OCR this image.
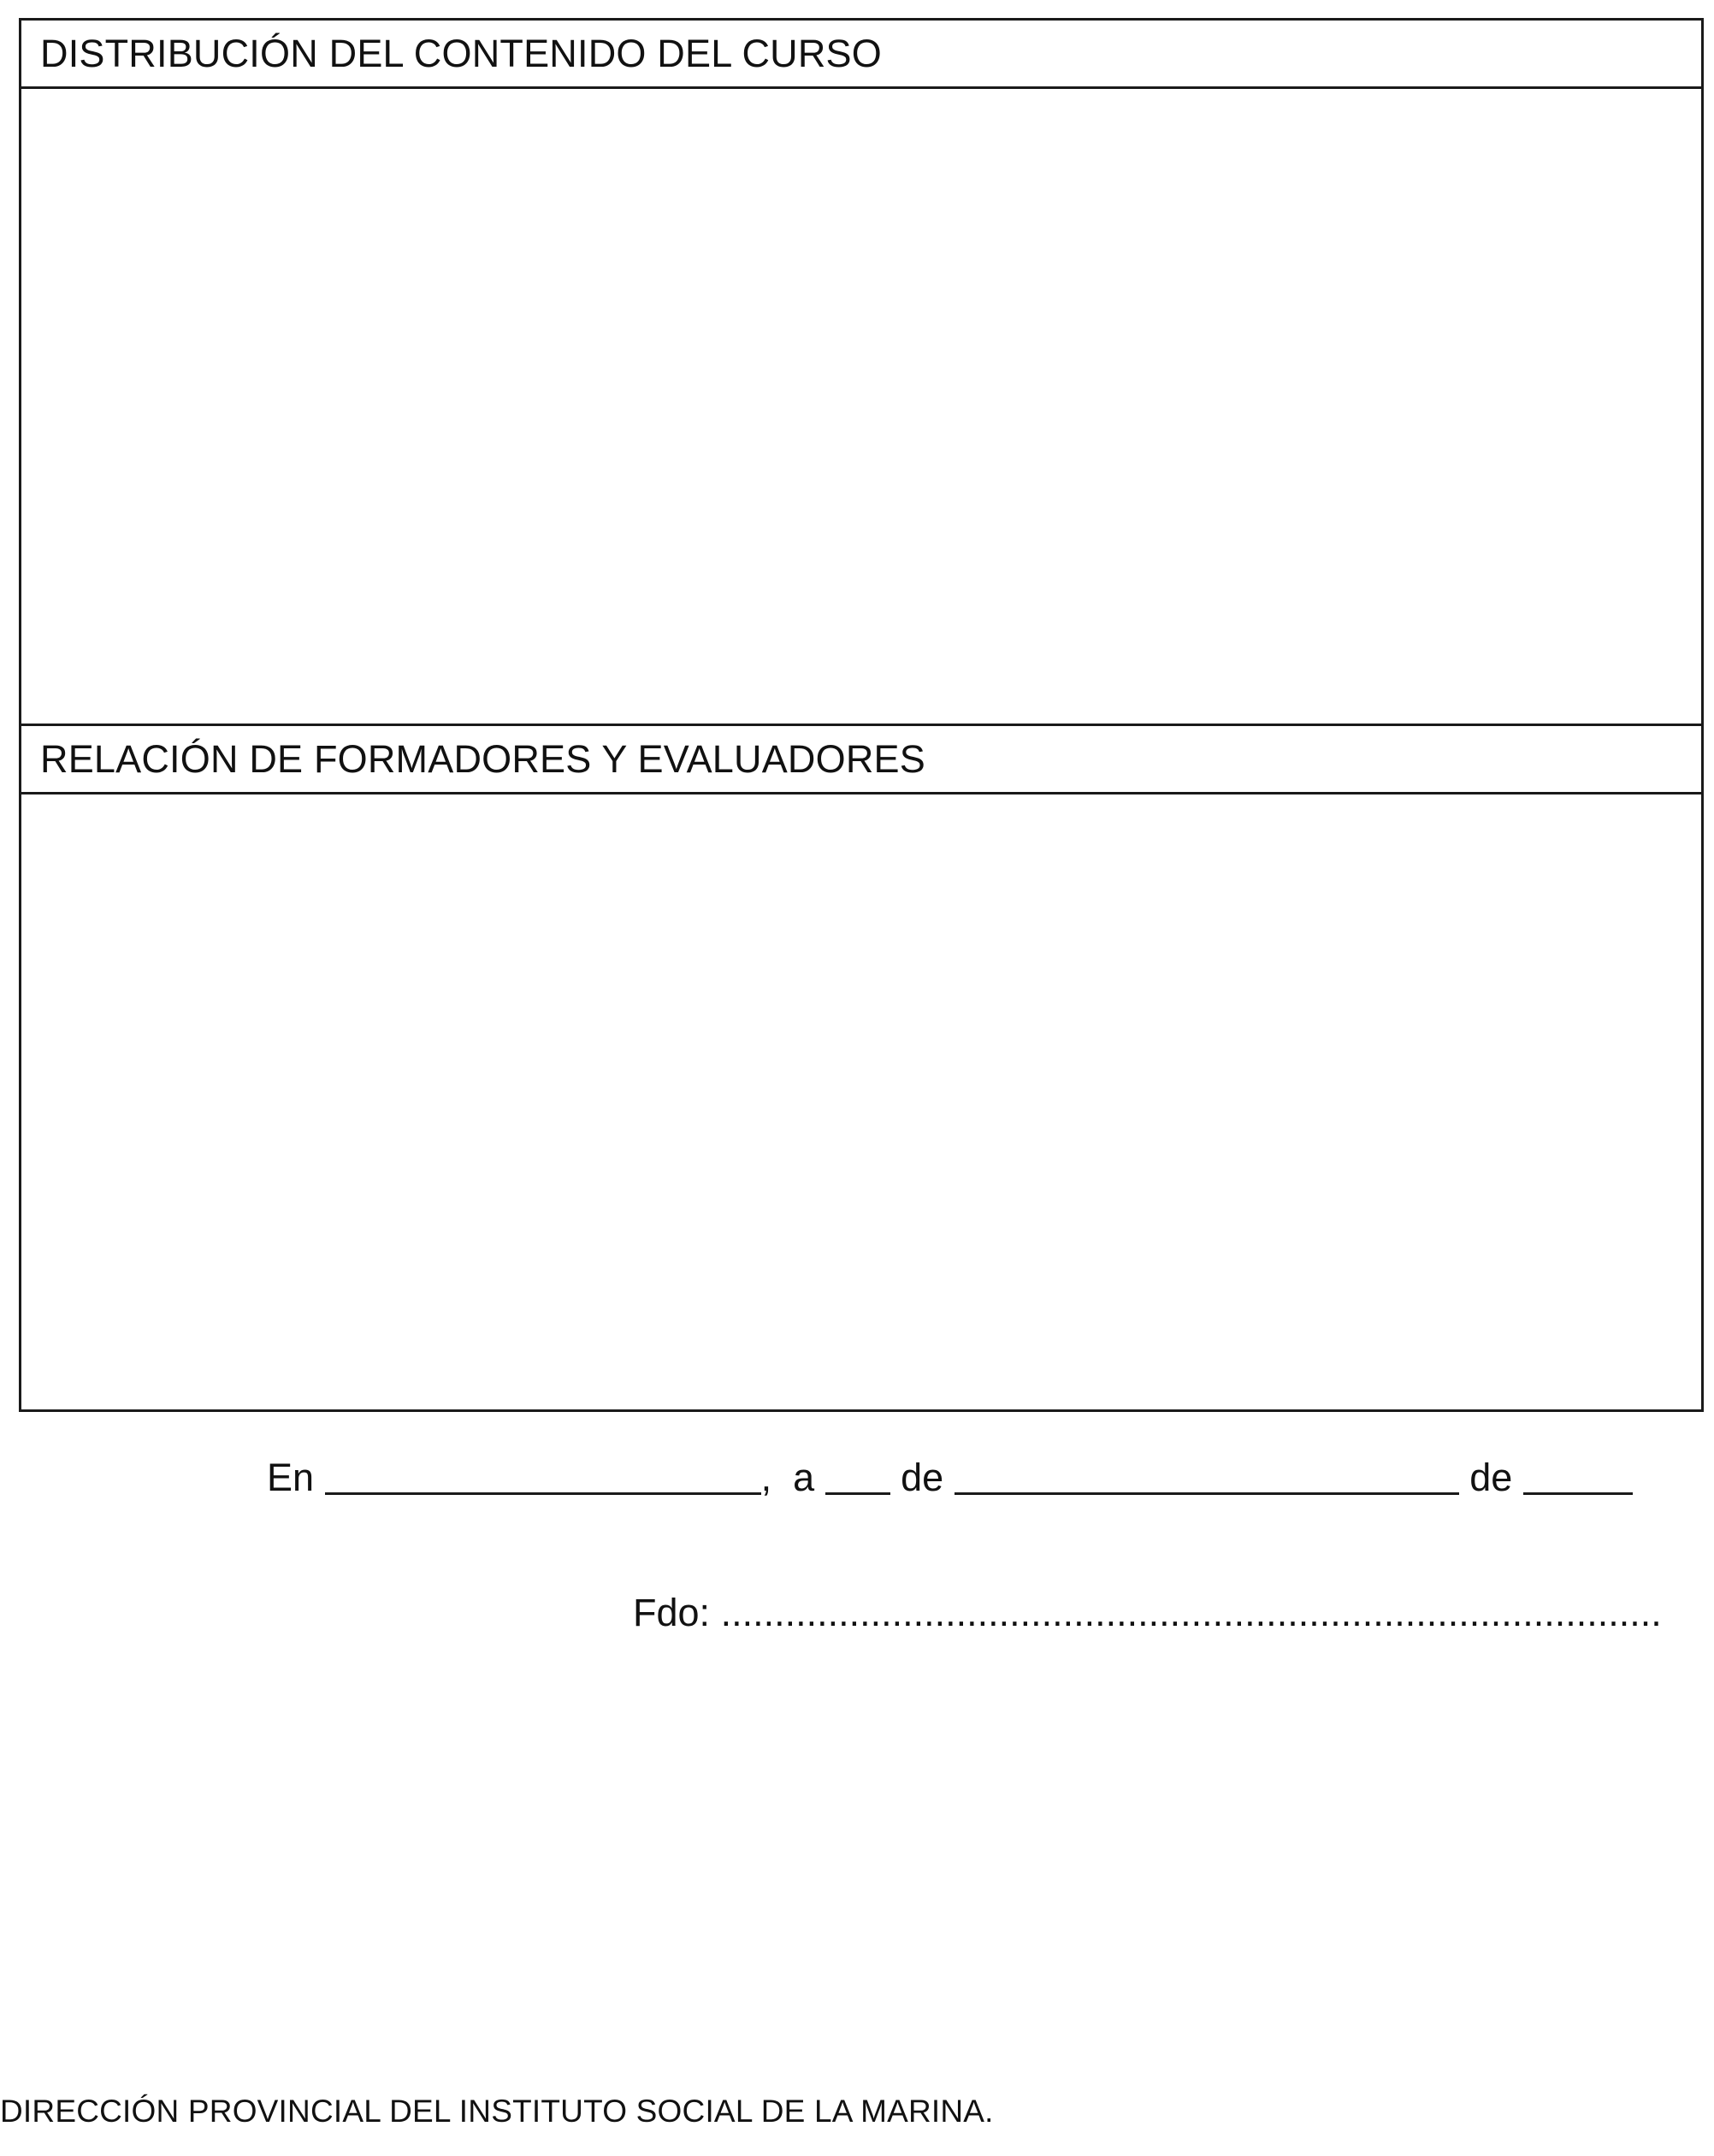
DISTRIBUCIÓN DEL CONTENIDO DEL CURSO
RELACIÓN DE FORMADORES Y EVALUADORES
En	,  a de	de
Fdo: ........................................................................................
DIRECCIÓN PROVINCIAL DEL INSTITUTO SOCIAL DE LA MARINA.
